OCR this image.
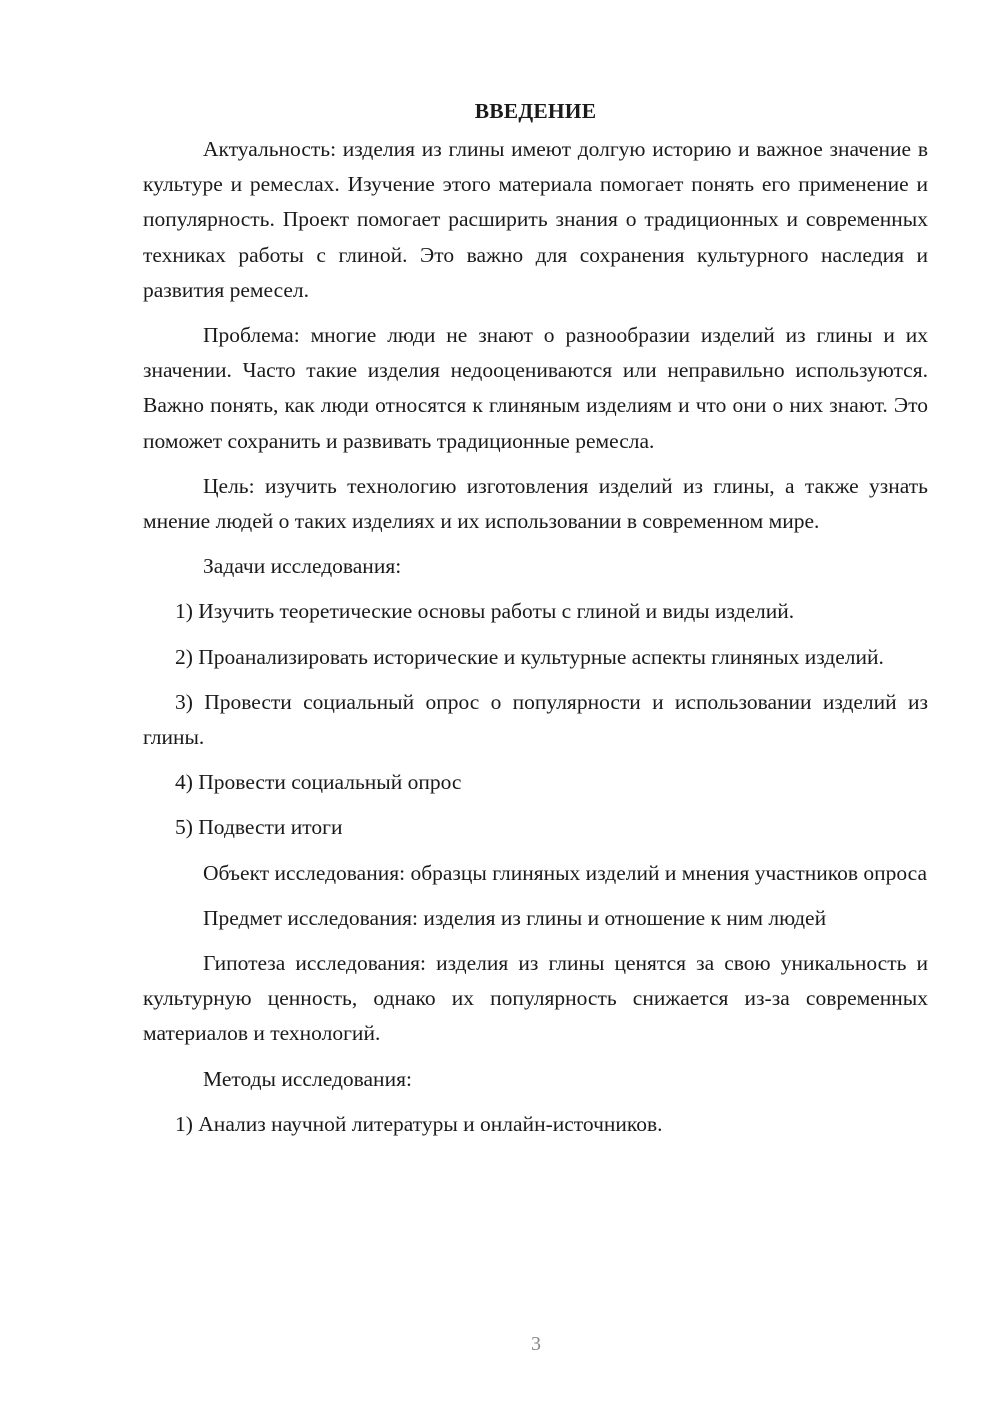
ВВЕДЕНИЕ

Актуальность: изделия из глины имеют долгую историю и важное значение в культуре и ремеслах. Изучение этого материала помогает понять его применение и популярность. Проект помогает расширить знания о традиционных и современных техниках работы с глиной. Это важно для сохранения культурного наследия и развития ремесел.

Проблема: многие люди не знают о разнообразии изделий из глины и их значении. Часто такие изделия недооцениваются или неправильно используются. Важно понять, как люди относятся к глиняным изделиям и что они о них знают. Это поможет сохранить и развивать традиционные ремесла.

Цель: изучить технологию изготовления изделий из глины, а также узнать мнение людей о таких изделиях и их использовании в современном мире.

Задачи исследования:

1) Изучить теоретические основы работы с глиной и виды изделий.

2) Проанализировать исторические и культурные аспекты глиняных изделий.

3) Провести социальный опрос о популярности и использовании изделий из глины.

4) Провести социальный опрос

5) Подвести итоги

Объект исследования: образцы глиняных изделий и мнения участников опроса

Предмет исследования: изделия из глины и отношение к ним людей

Гипотеза исследования: изделия из глины ценятся за свою уникальность и культурную ценность, однако их популярность снижается из-за современных материалов и технологий.

Методы исследования:

1) Анализ научной литературы и онлайн-источников.

3
